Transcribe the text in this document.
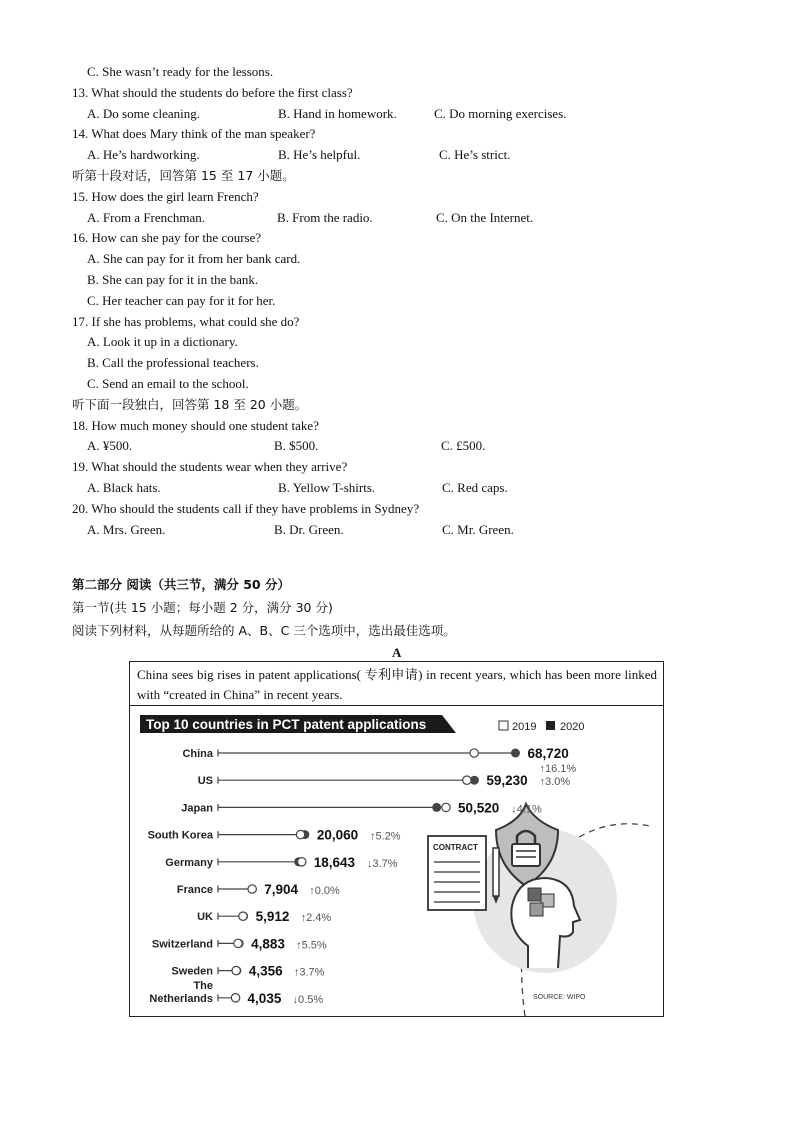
C. She wasn’t ready for the lessons.
13. What should the students do before the first class?
A. Do some cleaning.	B. Hand in homework.	C. Do morning exercises.
14. What does Mary think of the man speaker?
A. He’s hardworking.	B. He’s helpful.	C. He’s strict.
15. How does the girl learn French?
A. From a Frenchman.	B. From the radio.	C. On the Internet.
16. How can she pay for the course?
A. She can pay for it from her bank card.
B. She can pay for it in the bank.
C. Her teacher can pay for it for her.
17. If she has problems, what could she do?
A. Look it up in a dictionary.
B. Call the professional teachers.
C. Send an email to the school.
18. How much money should one student take?
A. ¥500.	B. $500.	C. £500.
19. What should the students wear when they arrive?
A. Black hats.	B. Yellow T-shirts.	C. Red caps.
20. Who should the students call if they have problems in Sydney?
A. Mrs. Green.	B. Dr. Green.	C. Mr. Green.
听第十段对话，回答第 15 至 17 小题。
听下面一段独白，回答第 18 至 20 小题。
第二部分 阅读（共三节，满分 50 分）
第一节(共 15 小题；每小题 2 分，满分 30 分)
阅读下列材料，从每题所给的 A、B、C 三个选项中，选出最佳选项。
A
China sees big rises in patent applications( 专利申请) in recent years, which has been more linked with “created in China” in recent years.
Top 10 countries in PCT patent applications	2019 2020
CONTRACT
SOURCE: WIPO
China	68,720
↑16.1%
US	59,230 ↑3.0%
Japan	50,520 ↓4.1%
South Korea	20,060 ↑5.2%
Germany	18,643 ↓3.7%
France	7,904 ↑0.0%
UK	5,912 ↑2.4%
Switzerland	4,883 ↑5.5%
Sweden	4,356 ↑3.7%
The
Netherlands	4,035 ↓0.5%
